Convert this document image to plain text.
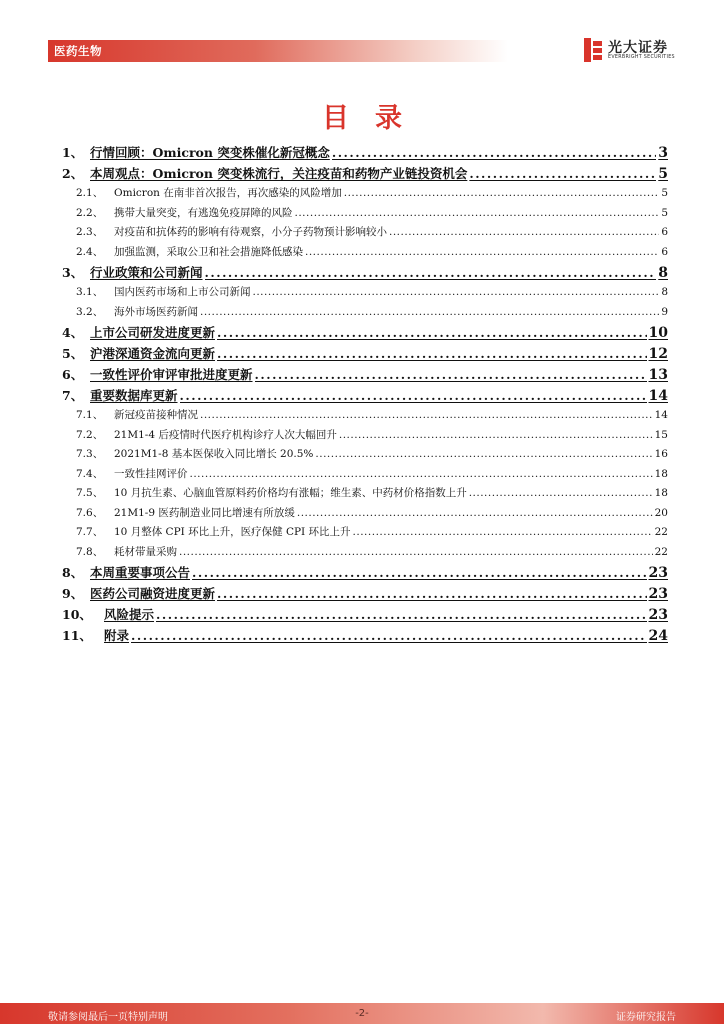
医药生物	光大证券
EVERBRIGHT SECURITIES
目录
1、 行情回顾：Omicron 突变株催化新冠概念 .....	3
2、 本周观点：Omicron 突变株流行，关注疫苗和药物产业链投资机会 .....	5
2.1、	Omicron 在南非首次报告，再次感染的风险增加 .....	5
2.2、	携带大量突变，有逃逸免疫屏障的风险 .....	5
2.3、	对疫苗和抗体药的影响有待观察，小分子药物预计影响较小 .....	6
2.4、	加强监测，采取公卫和社会措施降低感染 .....	6
3、 行业政策和公司新闻 .....	8
3.1、	国内医药市场和上市公司新闻 .....	8
3.2、	海外市场医药新闻 .....	9
4、 上市公司研发进度更新 .....	10
5、 沪港深通资金流向更新 .....	12
6、 一致性评价审评审批进度更新 .....	13
7、 重要数据库更新 .....	14
7.1、	新冠疫苗接种情况 .....	14
7.2、	21M1-4 后疫情时代医疗机构诊疗人次大幅回升 .....	15
7.3、	2021M1-8 基本医保收入同比增长 20.5% .....	16
7.4、	一致性挂网评价 .....	18
7.5、	10 月抗生素、心脑血管原料药价格均有涨幅；维生素、中药材价格指数上升 .....	18
7.6、	21M1-9 医药制造业同比增速有所放缓 .....	20
7.7、	10 月整体 CPI 环比上升，医疗保健 CPI 环比上升 .....	22
7.8、	耗材带量采购 .....	22
8、 本周重要事项公告 .....	23
9、 医药公司融资进度更新 .....	23
10、 风险提示 .....	23
11、 附录 .....	24
敬请参阅最后一页特别声明	-2-	证券研究报告
